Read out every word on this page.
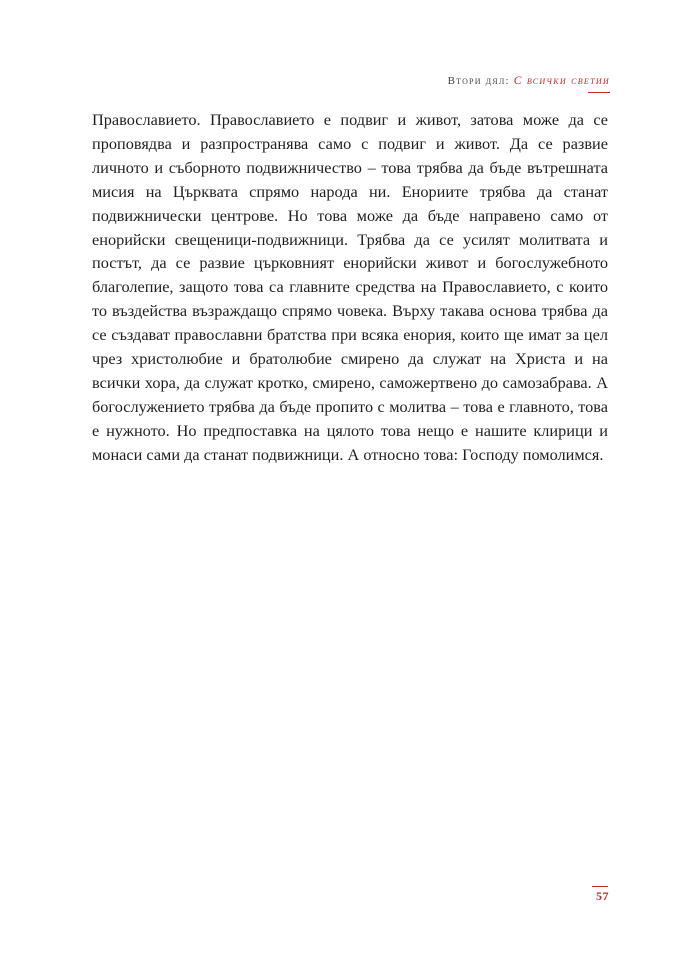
Втори дял : С всички светии

Православието. Православието е подвиг и живот, затова може да се проповядва и разпространява само с подвиг и живот. Да се развие личното и съборното подвижничество – това трябва да бъде вътрешната мисия на Църквата спрямо народа ни. Енориите трябва да станат подвижнически центрове. Но това може да бъде направено само от енорийски свещеници-подвижници. Трябва да се усилят молитвата и постът, да се развие църковният енорийски живот и богослужебното благолепие, защото това са главните средства на Православието, с които то въздейства възраждащо спрямо човека. Върху такава основа трябва да се създават православни братства при всяка енория, които ще имат за цел чрез христолюбие и братолюбие смирено да служат на Христа и на всички хора, да служат кротко, смирено, саможертвено до самозабрава. А богослужението трябва да бъде пропито с молитва – това е главното, това е нужното. Но предпоставка на цялото това нещо е нашите клирици и монаси сами да станат подвижници. А относно това: Господу помолимся.

57
